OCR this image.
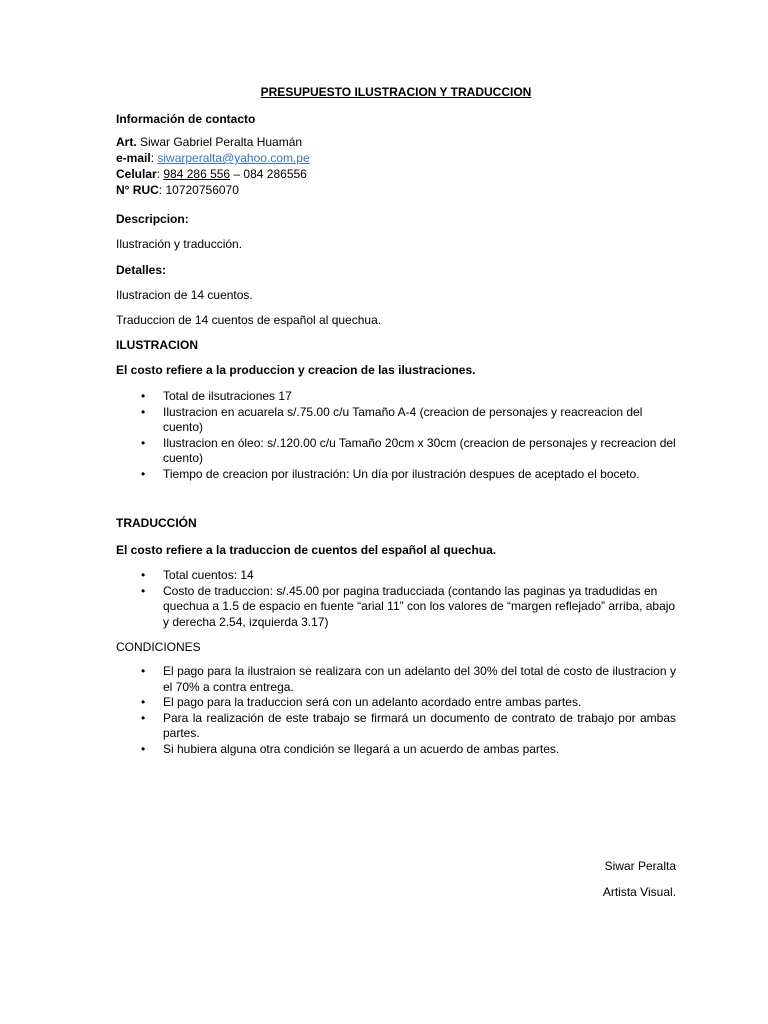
PRESUPUESTO ILUSTRACION Y TRADUCCION

Información de contacto

Art. Siwar Gabriel Peralta Huamán

e-mail: siwarperalta@yahoo.com.pe

Celular: 984 286 556 – 084 286556

N° RUC: 10720756070

Descripcion:

Ilustración y traducción.

Detalles:

Ilustracion de 14 cuentos.

Traduccion de 14 cuentos de español al quechua.

ILUSTRACION

El costo refiere a la produccion y creacion de las ilustraciones.

• Total de ilsutraciones 17
• Ilustracion en acuarela s/.75.00 c/u Tamaño A-4 (creacion de personajes y reacreacion del cuento)
• Ilustracion en óleo: s/.120.00 c/u Tamaño 20cm x 30cm (creacion de personajes y recreacion del cuento)
• Tiempo de creacion por ilustración: Un día por ilustración despues de aceptado el boceto.

TRADUCCIÓN

El costo refiere a la traduccion de cuentos del español al quechua.

• Total cuentos: 14
• Costo de traduccion: s/.45.00 por pagina traducciada (contando las paginas ya tradudidas en quechua a 1.5 de espacio en fuente “arial 11” con los valores de “margen reflejado” arriba, abajo y derecha 2.54, izquierda 3.17)

CONDICIONES

• El pago para la ilustraion se realizara con un adelanto del 30% del total de costo de ilustracion y el 70% a contra entrega.
• El pago para la traduccion será con un adelanto acordado entre ambas partes.
• Para la realización de este trabajo se firmará un documento de contrato de trabajo por ambas partes.
• Si hubiera alguna otra condición se llegará a un acuerdo de ambas partes.
Siwar Peralta
Artista Visual.
